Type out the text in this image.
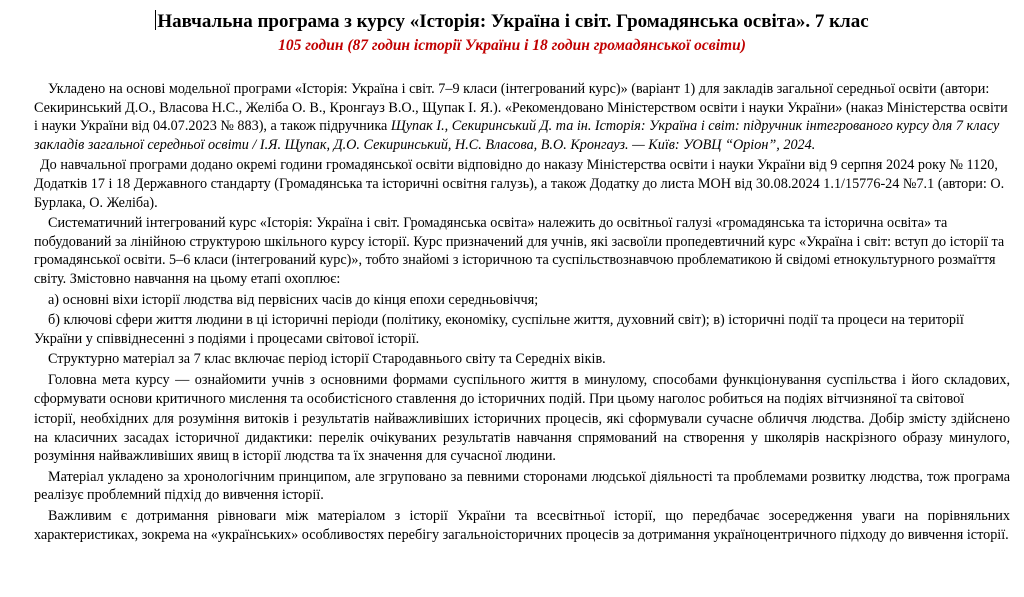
Навчальна програма з курсу «Історія: Україна і світ. Громадянська освіта». 7 клас
105 годин (87 годин історії України і 18 годин громадянської освіти)

Укладено на основі модельної програми «Історія: Україна і світ. 7–9 класи (інтегрований курс)» (варіант 1) для закладів загальної середньої освіти (автори: Секиринський Д.О., Власова Н.С., Желіба О. В., Кронгауз В.О., Щупак І. Я.). «Рекомендовано Міністерством освіти і науки України» (наказ Міністерства освіти і науки України від 04.07.2023 № 883), а також підручника Щупак І., Секиринський Д. та ін. Історія: Україна і світ: підручник інтегрованого курсу для 7 класу закладів загальної середньої освіти / І.Я. Щупак, Д.О. Секиринський, Н.С. Власова, В.О. Кронгауз. — Київ: УОВЦ “Оріон”, 2024.

До навчальної програми додано окремі години громадянської освіти відповідно до наказу Міністерства освіти і науки України від 9 серпня 2024 року № 1120, Додатків 17 і 18 Державного стандарту (Громадянська та історичні освітня галузь), а також Додатку до листа МОН від 30.08.2024 1.1/15776-24 №7.1 (автори: О. Бурлака, О. Желіба).

Систематичний інтегрований курс «Історія: Україна і світ. Громадянська освіта» належить до освітньої галузі «громадянська та історична освіта» та побудований за лінійною структурою шкільного курсу історії. Курс призначений для учнів, які засвоїли пропедевтичний курс «Україна і світ: вступ до історії та громадянської освіти. 5–6 класи (інтегрований курс)», тобто знайомі з історичною та суспільствознавчою проблематикою й свідомі етнокультурного розмаїття світу. Змістовно навчання на цьому етапі охоплює:

а) основні віхи історії людства від первісних часів до кінця епохи середньовіччя;

б) ключові сфери життя людини в ці історичні періоди (політику, економіку, суспільне життя, духовний світ); в) історичні події та процеси на території України у співвіднесенні з подіями і процесами світової історії.

Структурно матеріал за 7 клас включає період історії Стародавнього світу та Середніх віків.

Головна мета курсу — ознайомити учнів з основними формами суспільного життя в минулому, способами функціонування суспільства і його складових, сформувати основи критичного мислення та особистісного ставлення до історичних подій. При цьому наголос робиться на подіях вітчизняної та світової

історії, необхідних для розуміння витоків і результатів найважливіших історичних процесів, які сформували сучасне обличчя людства. Добір змісту здійснено на класичних засадах історичної дидактики: перелік очікуваних результатів навчання спрямований на створення у школярів наскрізного образу минулого, розуміння найважливіших явищ в історії людства та їх значення для сучасної людини.

Матеріал укладено за хронологічним принципом, але згруповано за певними сторонами людської діяльності та проблемами розвитку людства, тож програма реалізує проблемний підхід до вивчення історії.

Важливим є дотримання рівноваги між матеріалом з історії України та всесвітньої історії, що передбачає зосередження уваги на порівняльних характеристиках, зокрема на «українських» особливостях перебігу загальноісторичних процесів за дотримання україноцентричного підходу до вивчення історії.
